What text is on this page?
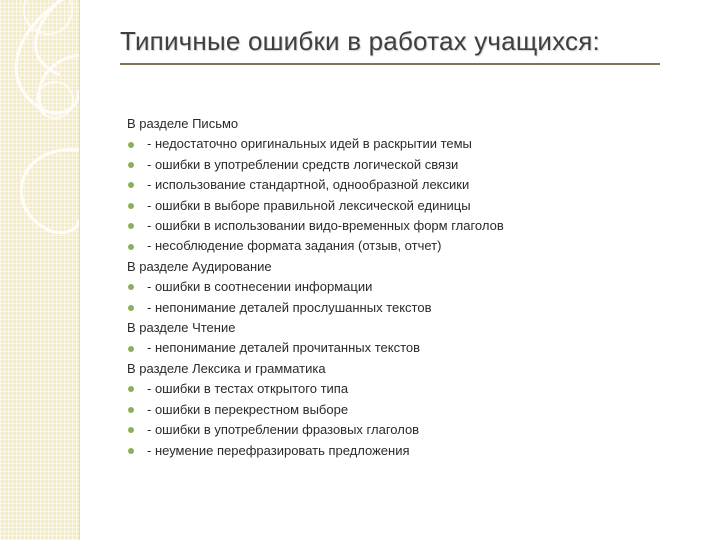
Типичные ошибки в работах учащихся:
В разделе Письмо
- недостаточно оригинальных идей в раскрытии темы
- ошибки в употреблении средств логической связи
- использование стандартной, однообразной лексики
- ошибки в выборе правильной лексической единицы
- ошибки в использовании видо-временных форм глаголов
- несоблюдение формата задания (отзыв, отчет)
В разделе Аудирование
- ошибки в соотнесении информации
- непонимание деталей прослушанных текстов
В разделе Чтение
- непонимание деталей прочитанных текстов
В разделе Лексика и грамматика
- ошибки в тестах открытого типа
- ошибки в перекрестном выборе
- ошибки в употреблении фразовых глаголов
- неумение перефразировать предложения
